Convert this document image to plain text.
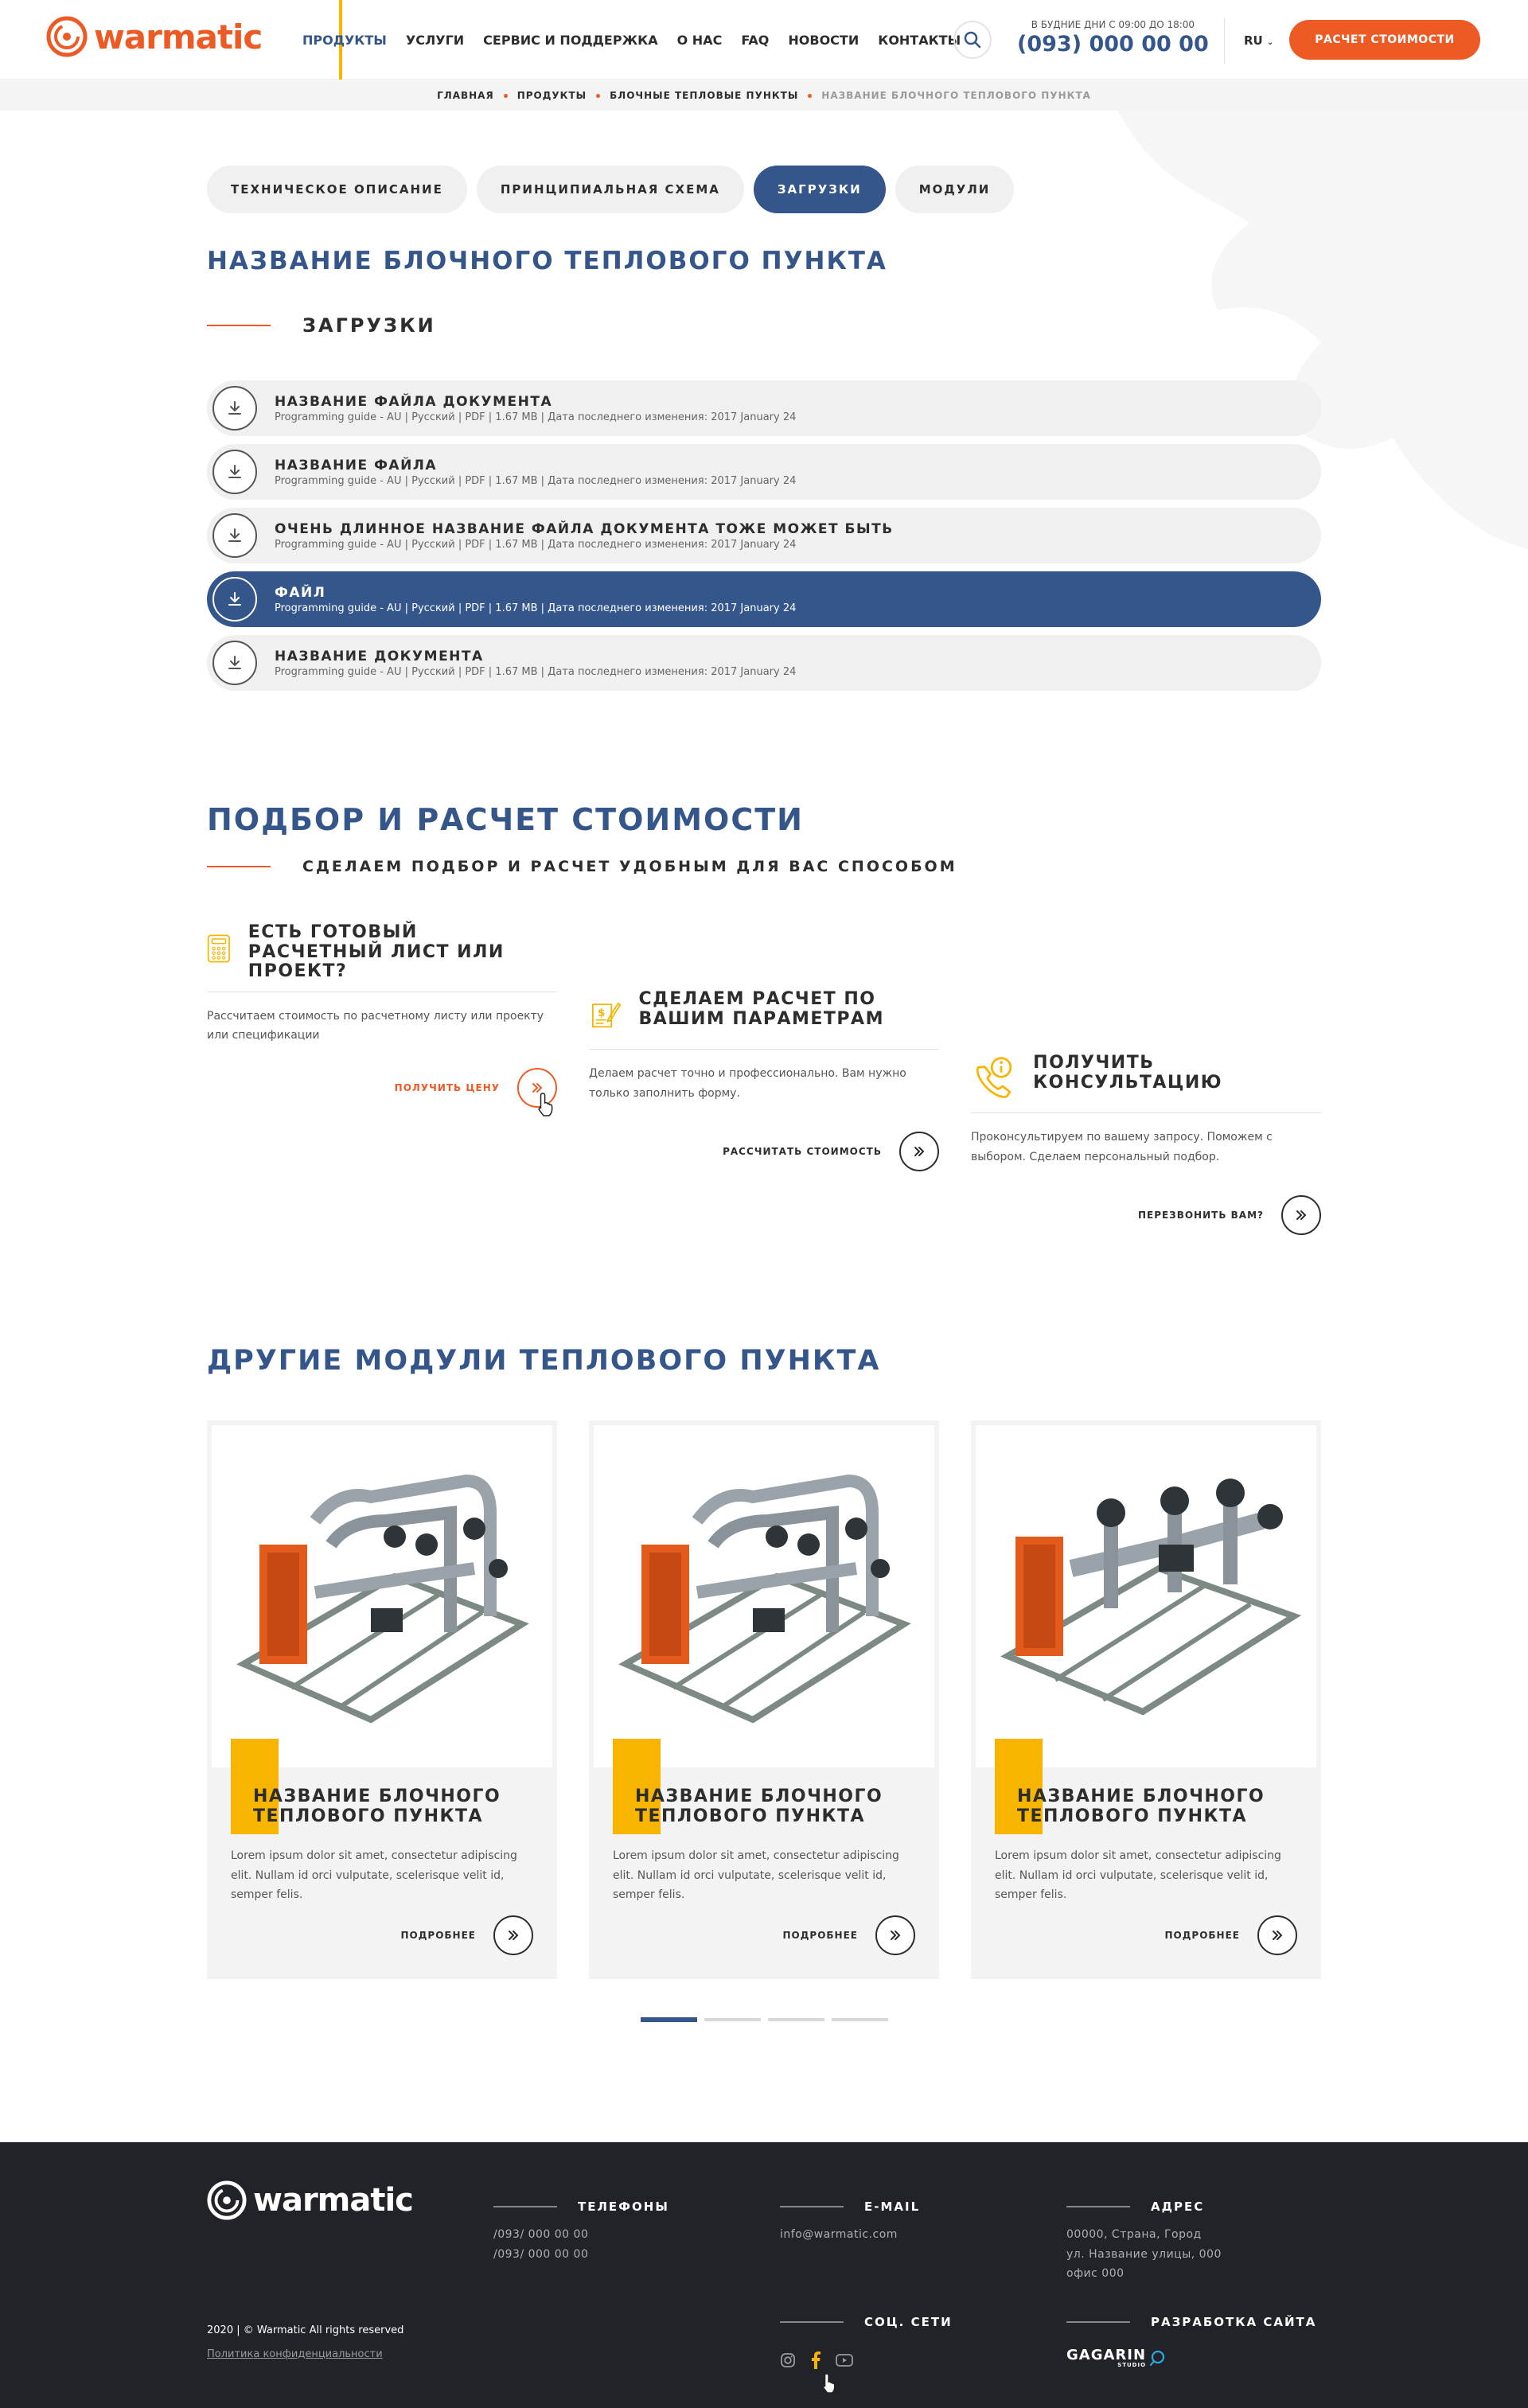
warmatic	ПРОДУКТЫ УСЛУГИ СЕРВИС И ПОДДЕРЖКА О НАС FAQ НОВОСТИ КОНТАКТЫ
В БУДНИЕ ДНИ С 09:00 ДО 18:00
(093) 000 00 00	RU ⌄	РАСЧЕТ СТОИМОСТИ
ГЛАВНАЯ ПРОДУКТЫ БЛОЧНЫЕ ТЕПЛОВЫЕ ПУНКТЫ НАЗВАНИЕ БЛОЧНОГО ТЕПЛОВОГО ПУНКТА
ТЕХНИЧЕСКОЕ ОПИСАНИЕ	ПРИНЦИПИАЛЬНАЯ СХЕМА	ЗАГРУЗКИ	МОДУЛИ
НАЗВАНИЕ БЛОЧНОГО ТЕПЛОВОГО ПУНКТА
ЗАГРУЗКИ
НАЗВАНИЕ ФАЙЛА ДОКУМЕНТА
Programming guide - AU | Русский | PDF | 1.67 MB | Дата последнего изменения: 2017 January 24
НАЗВАНИЕ ФАЙЛА
Programming guide - AU | Русский | PDF | 1.67 MB | Дата последнего изменения: 2017 January 24
ОЧЕНЬ ДЛИННОЕ НАЗВАНИЕ ФАЙЛА ДОКУМЕНТА ТОЖЕ МОЖЕТ БЫТЬ
Programming guide - AU | Русский | PDF | 1.67 MB | Дата последнего изменения: 2017 January 24
ФАЙЛ
Programming guide - AU | Русский | PDF | 1.67 MB | Дата последнего изменения: 2017 January 24
НАЗВАНИЕ ДОКУМЕНТА
Programming guide - AU | Русский | PDF | 1.67 MB | Дата последнего изменения: 2017 January 24
ПОДБОР И РАСЧЕТ СТОИМОСТИ
СДЕЛАЕМ ПОДБОР И РАСЧЕТ УДОБНЫМ ДЛЯ ВАС СПОСОБОМ
ЕСТЬ ГОТОВЫЙ РАСЧЕТНЫЙ ЛИСТ ИЛИ ПРОЕКТ?
Рассчитаем стоимость по расчетному листу или проекту или спецификации
ПОЛУЧИТЬ ЦЕНУ
$
СДЕЛАЕМ РАСЧЕТ ПО ВАШИМ ПАРАМЕТРАМ
Делаем расчет точно и профессионально. Вам нужно только заполнить форму.
РАССЧИТАТЬ СТОИМОСТЬ
ПОЛУЧИТЬ КОНСУЛЬТАЦИЮ
Проконсультируем по вашему запросу. Поможем с выбором. Сделаем персональный подбор.
ПЕРЕЗВОНИТЬ ВАМ?
ДРУГИЕ МОДУЛИ ТЕПЛОВОГО ПУНКТА
НАЗВАНИЕ БЛОЧНОГО ТЕПЛОВОГО ПУНКТА
Lorem ipsum dolor sit amet, consectetur adipiscing elit. Nullam id orci vulputate, scelerisque velit id, semper felis.
ПОДРОБНЕЕ
НАЗВАНИЕ БЛОЧНОГО ТЕПЛОВОГО ПУНКТА
Lorem ipsum dolor sit amet, consectetur adipiscing elit. Nullam id orci vulputate, scelerisque velit id, semper felis.
ПОДРОБНЕЕ
НАЗВАНИЕ БЛОЧНОГО ТЕПЛОВОГО ПУНКТА
Lorem ipsum dolor sit amet, consectetur adipiscing elit. Nullam id orci vulputate, scelerisque velit id, semper felis.
ПОДРОБНЕЕ
warmatic	ТЕЛЕФОНЫ
/093/ 000 00 00
/093/ 000 00 00
E-MAIL
info@warmatic.com
АДРЕС
00000, Страна, Город
ул. Название улицы, 000
офис 000
2020 | © Warmatic All rights reserved
Политика конфиденциальности
СОЦ. СЕТИ	РАЗРАБОТКА САЙТА
GAGARIN
STUDIO
